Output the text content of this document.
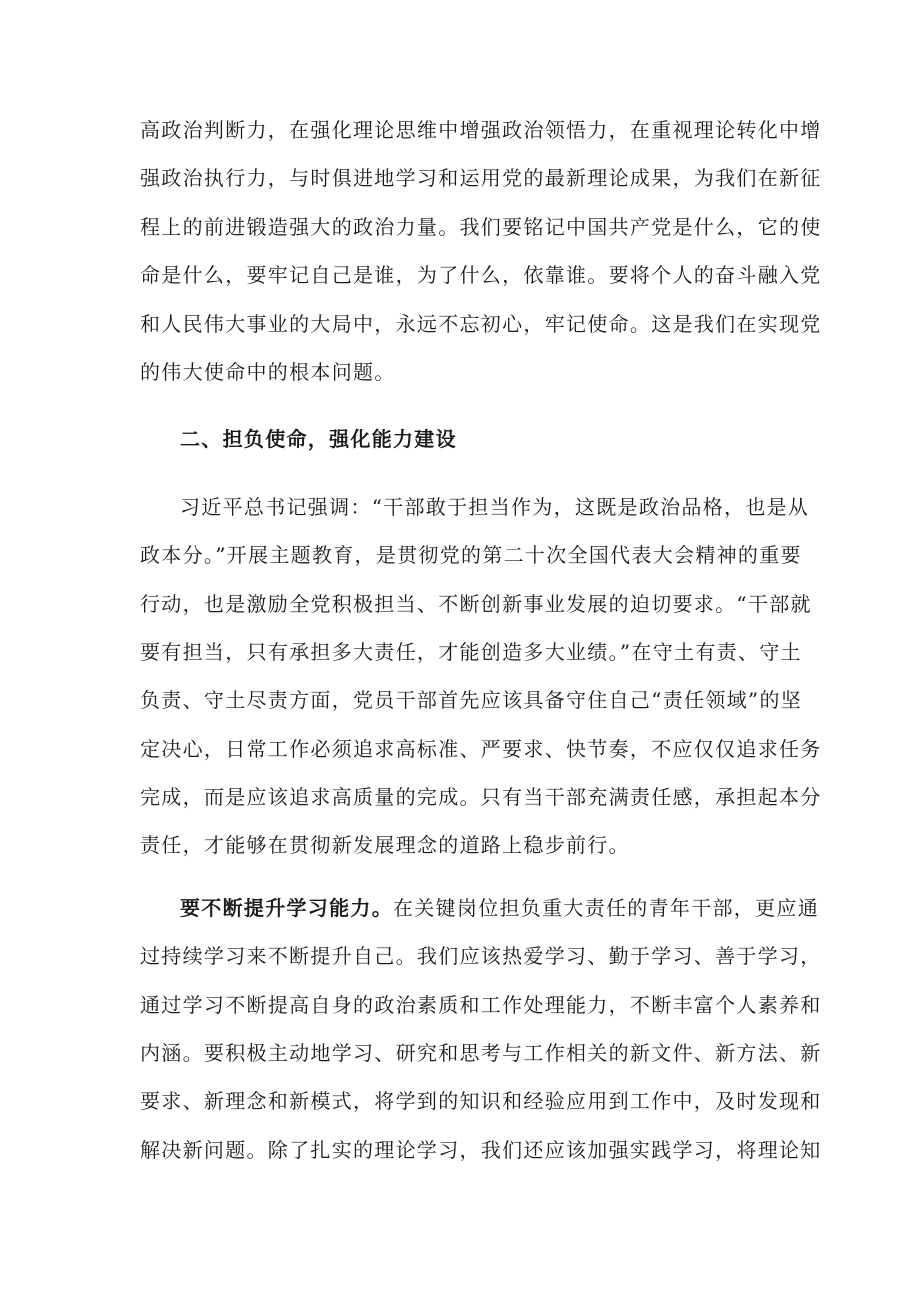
高政治判断力，在强化理论思维中增强政治领悟力，在重视理论转化中增
强政治执行力，与时俱进地学习和运用党的最新理论成果，为我们在新征
程上的前进锻造强大的政治力量。我们要铭记中国共产党是什么，它的使
命是什么，要牢记自己是谁，为了什么，依靠谁。要将个人的奋斗融入党
和人民伟大事业的大局中，永远不忘初心，牢记使命。这是我们在实现党
的伟大使命中的根本问题。
二、担负使命，强化能力建设
习近平总书记强调：“干部敢于担当作为，这既是政治品格，也是从
政本分。”开展主题教育，是贯彻党的第二十次全国代表大会精神的重要
行动，也是激励全党积极担当、不断创新事业发展的迫切要求。“干部就
要有担当，只有承担多大责任，才能创造多大业绩。”在守土有责、守土
负责、守土尽责方面，党员干部首先应该具备守住自己“责任领域”的坚
定决心，日常工作必须追求高标准、严要求、快节奏，不应仅仅追求任务
完成，而是应该追求高质量的完成。只有当干部充满责任感，承担起本分
责任，才能够在贯彻新发展理念的道路上稳步前行。
要不断提升学习能力。在关键岗位担负重大责任的青年干部，更应通
过持续学习来不断提升自己。我们应该热爱学习、勤于学习、善于学习，
通过学习不断提高自身的政治素质和工作处理能力，不断丰富个人素养和
内涵。要积极主动地学习、研究和思考与工作相关的新文件、新方法、新
要求、新理念和新模式，将学到的知识和经验应用到工作中，及时发现和
解决新问题。除了扎实的理论学习，我们还应该加强实践学习，将理论知
